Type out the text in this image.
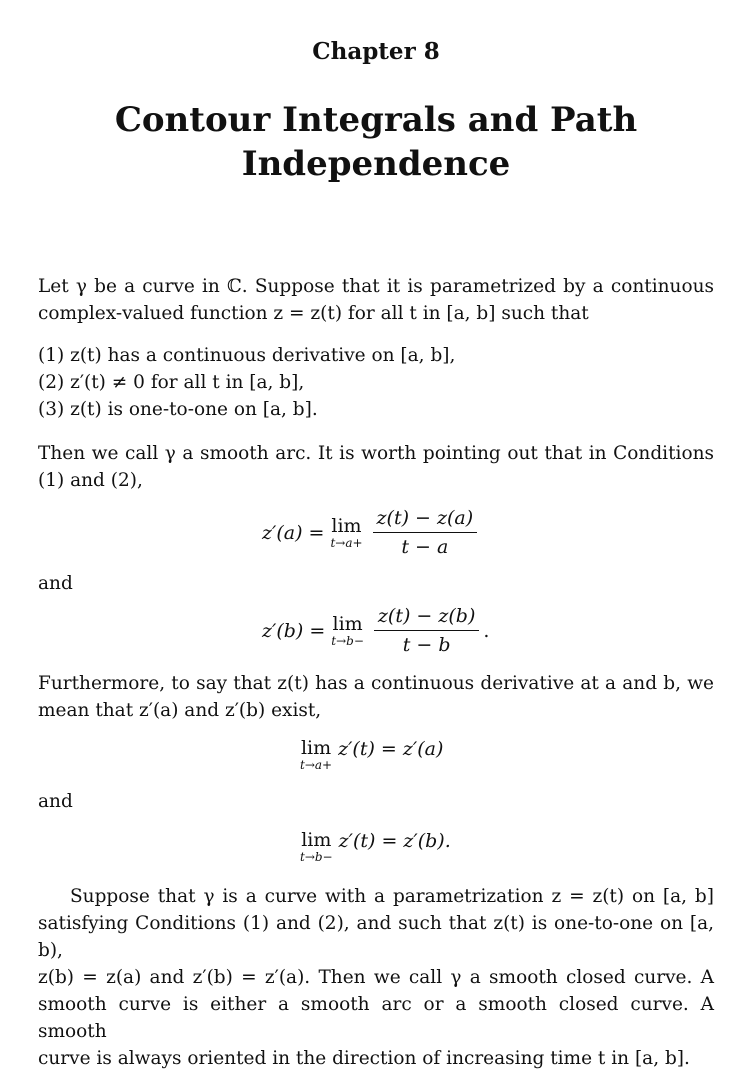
Chapter 8
Contour Integrals and Path
Independence
Let γ be a curve in ℂ. Suppose that it is parametrized by a continuous
complex-valued function z = z(t) for all t in [a, b] such that
(1) z(t) has a continuous derivative on [a, b],
(2) z′(t) ≠ 0 for all t in [a, b],
(3) z(t) is one-to-one on [a, b].
Then we call γ a smooth arc. It is worth pointing out that in Conditions
(1) and (2),
z′(a) = lim
$t\to a+ \frac{z(t) - z(a)}{t - a}$
and
z′(b) = lim
$t\to b- \frac{z(t) - z(b)}{t - b}$ .
Furthermore, to say that z(t) has a continuous derivative at a and b, we
mean that z′(a) and z′(b) exist,
lim
t→a+
z′(t) = z′(a)
and
lim
t→b−
z′(t) = z′(b).
Suppose that γ is a curve with a parametrization z = z(t) on [a, b]
satisfying Conditions (1) and (2), and such that z(t) is one-to-one on [a, b),
z(b) = z(a) and z′(b) = z′(a). Then we call γ a smooth closed curve. A
smooth curve is either a smooth arc or a smooth closed curve. A smooth
curve is always oriented in the direction of increasing time t in [a, b].
